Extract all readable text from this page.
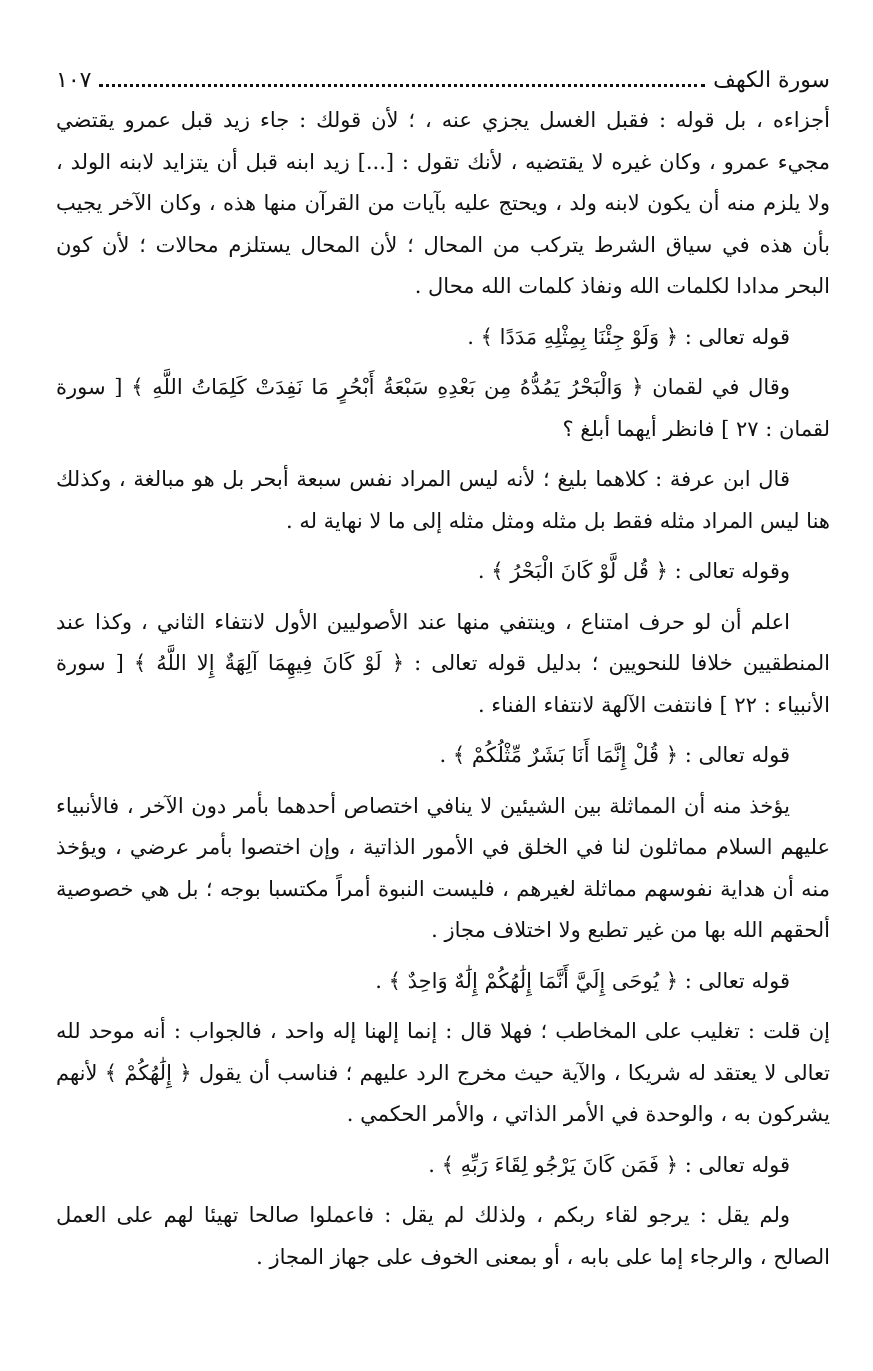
سورة الكهف
١٠٧

أجزاءه ، بل قوله : فقبل الغسل يجزي عنه ، ؛ لأن قولك : جاء زيد قبل عمرو يقتضي مجيء عمرو ، وكان غيره لا يقتضيه ، لأنك تقول : [...] زيد ابنه قبل أن يتزايد لابنه الولد ، ولا يلزم منه أن يكون لابنه ولد ، ويحتج عليه بآيات من القرآن منها هذه ، وكان الآخر يجيب بأن هذه في سياق الشرط يتركب من المحال ؛ لأن المحال يستلزم محالات ؛ لأن كون البحر مدادا لكلمات الله ونفاذ كلمات الله محال .

قوله تعالى : ﴿ وَلَوْ جِئْنَا بِمِثْلِهِ مَدَدًا ﴾ .

وقال في لقمان ﴿ وَالْبَحْرُ يَمُدُّهُ مِن بَعْدِهِ سَبْعَةُ أَبْحُرٍ مَا نَفِدَتْ كَلِمَاتُ اللَّهِ ﴾ [ سورة لقمان : ٢٧ ] فانظر أيهما أبلغ ؟

قال ابن عرفة : كلاهما بليغ ؛ لأنه ليس المراد نفس سبعة أبحر بل هو مبالغة ، وكذلك هنا ليس المراد مثله فقط بل مثله ومثل مثله إلى ما لا نهاية له .

وقوله تعالى : ﴿ قُل لَّوْ كَانَ الْبَحْرُ ﴾ .

اعلم أن لو حرف امتناع ، وينتفي منها عند الأصوليين الأول لانتفاء الثاني ، وكذا عند المنطقيين خلافا للنحويين ؛ بدليل قوله تعالى : ﴿ لَوْ كَانَ فِيهِمَا آلِهَةٌ إِلا اللَّهُ ﴾ [ سورة الأنبياء : ٢٢ ] فانتفت الآلهة لانتفاء الفناء .

قوله تعالى : ﴿ قُلْ إِنَّمَا أَنَا بَشَرٌ مِّثْلُكُمْ ﴾ .

يؤخذ منه أن المماثلة بين الشيئين لا ينافي اختصاص أحدهما بأمر دون الآخر ، فالأنبياء عليهم السلام مماثلون لنا في الخلق في الأمور الذاتية ، وإن اختصوا بأمر عرضي ، ويؤخذ منه أن هداية نفوسهم مماثلة لغيرهم ، فليست النبوة أمراً مكتسبا بوجه ؛ بل هي خصوصية ألحقهم الله بها من غير تطبع ولا اختلاف مجاز .

قوله تعالى : ﴿ يُوحَى إِلَيَّ أَنَّمَا إِلَٰهُكُمْ إِلَٰهٌ وَاحِدٌ ﴾ .

إن قلت : تغليب على المخاطب ؛ فهلا قال : إنما إلهنا إله واحد ، فالجواب : أنه موحد لله تعالى لا يعتقد له شريكا ، والآية حيث مخرج الرد عليهم ؛ فناسب أن يقول ﴿ إِلَٰهُكُمْ ﴾ لأنهم يشركون به ، والوحدة في الأمر الذاتي ، والأمر الحكمي .

قوله تعالى : ﴿ فَمَن كَانَ يَرْجُو لِقَاءَ رَبِّهِ ﴾ .

ولم يقل : يرجو لقاء ربكم ، ولذلك لم يقل : فاعملوا صالحا تهيئا لهم على العمل الصالح ، والرجاء إما على بابه ، أو بمعنى الخوف على جهاز المجاز .
